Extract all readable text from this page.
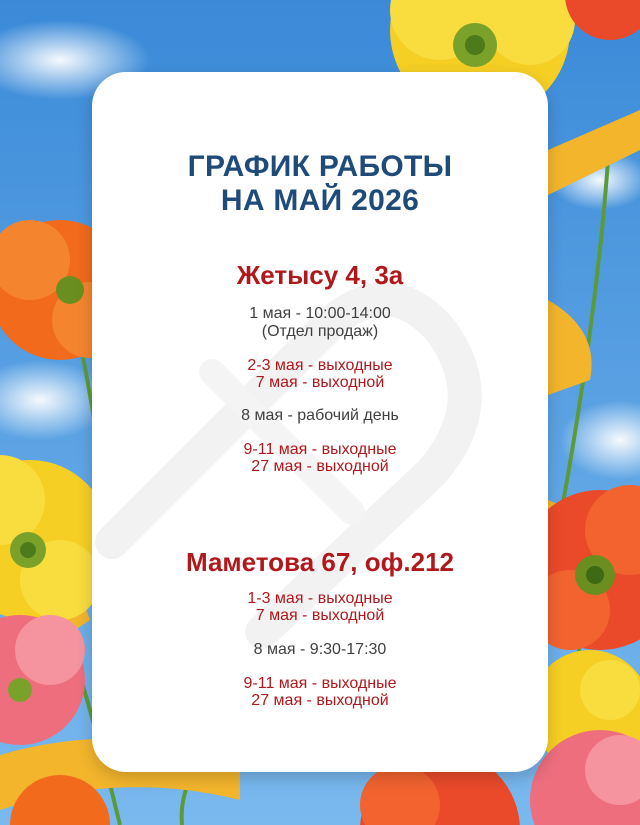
ГРАФИК РАБОТЫ
НА МАЙ 2026
Жетысу 4, 3а
1 мая - 10:00-14:00
(Отдел продаж)
2-3 мая - выходные
7 мая - выходной
8 мая - рабочий день
9-11 мая - выходные
27 мая - выходной
Маметова 67, оф.212
1-3 мая - выходные
7 мая - выходной
8 мая - 9:30-17:30
9-11 мая - выходные
27 мая - выходной
